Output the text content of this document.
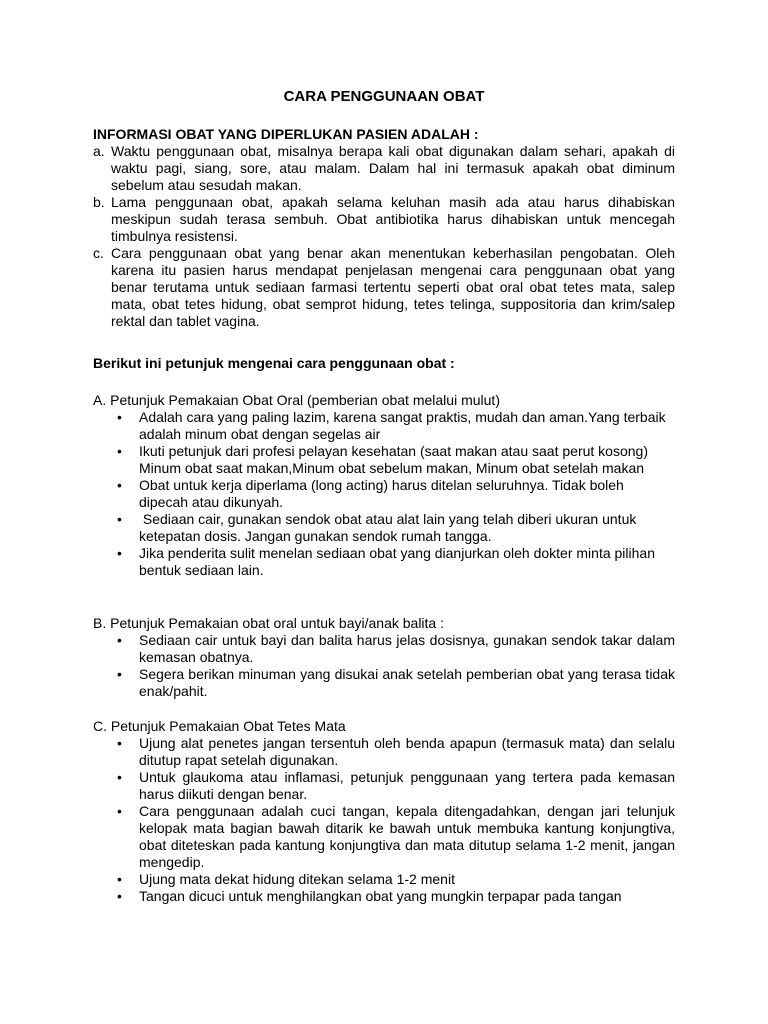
CARA PENGGUNAAN OBAT
INFORMASI OBAT YANG DIPERLUKAN PASIEN ADALAH :
a. Waktu penggunaan obat, misalnya berapa kali obat digunakan dalam sehari, apakah di waktu pagi, siang, sore, atau malam. Dalam hal ini termasuk apakah obat diminum sebelum atau sesudah makan.
b. Lama penggunaan obat, apakah selama keluhan masih ada atau harus dihabiskan meskipun sudah terasa sembuh. Obat antibiotika harus dihabiskan untuk mencegah timbulnya resistensi.
c. Cara penggunaan obat yang benar akan menentukan keberhasilan pengobatan. Oleh karena itu pasien harus mendapat penjelasan mengenai cara penggunaan obat yang benar terutama untuk sediaan farmasi tertentu seperti obat oral obat tetes mata, salep mata, obat tetes hidung, obat semprot hidung, tetes telinga, suppositoria dan krim/salep rektal dan tablet vagina.
Berikut ini petunjuk mengenai cara penggunaan obat :
A. Petunjuk Pemakaian Obat Oral (pemberian obat melalui mulut)
• Adalah cara yang paling lazim, karena sangat praktis, mudah dan aman.Yang terbaik adalah minum obat dengan segelas air
• Ikuti petunjuk dari profesi pelayan kesehatan (saat makan atau saat perut kosong) Minum obat saat makan,Minum obat sebelum makan, Minum obat setelah makan
• Obat untuk kerja diperlama (long acting) harus ditelan seluruhnya. Tidak boleh dipecah atau dikunyah.
• Sediaan cair, gunakan sendok obat atau alat lain yang telah diberi ukuran untuk ketepatan dosis. Jangan gunakan sendok rumah tangga.
• Jika penderita sulit menelan sediaan obat yang dianjurkan oleh dokter minta pilihan bentuk sediaan lain.
B. Petunjuk Pemakaian obat oral untuk bayi/anak balita :
• Sediaan cair untuk bayi dan balita harus jelas dosisnya, gunakan sendok takar dalam kemasan obatnya.
• Segera berikan minuman yang disukai anak setelah pemberian obat yang terasa tidak enak/pahit.
C. Petunjuk Pemakaian Obat Tetes Mata
• Ujung alat penetes jangan tersentuh oleh benda apapun (termasuk mata) dan selalu ditutup rapat setelah digunakan.
• Untuk glaukoma atau inflamasi, petunjuk penggunaan yang tertera pada kemasan harus diikuti dengan benar.
• Cara penggunaan adalah cuci tangan, kepala ditengadahkan, dengan jari telunjuk kelopak mata bagian bawah ditarik ke bawah untuk membuka kantung konjungtiva, obat diteteskan pada kantung konjungtiva dan mata ditutup selama 1-2 menit, jangan mengedip.
• Ujung mata dekat hidung ditekan selama 1-2 menit
• Tangan dicuci untuk menghilangkan obat yang mungkin terpapar pada tangan
